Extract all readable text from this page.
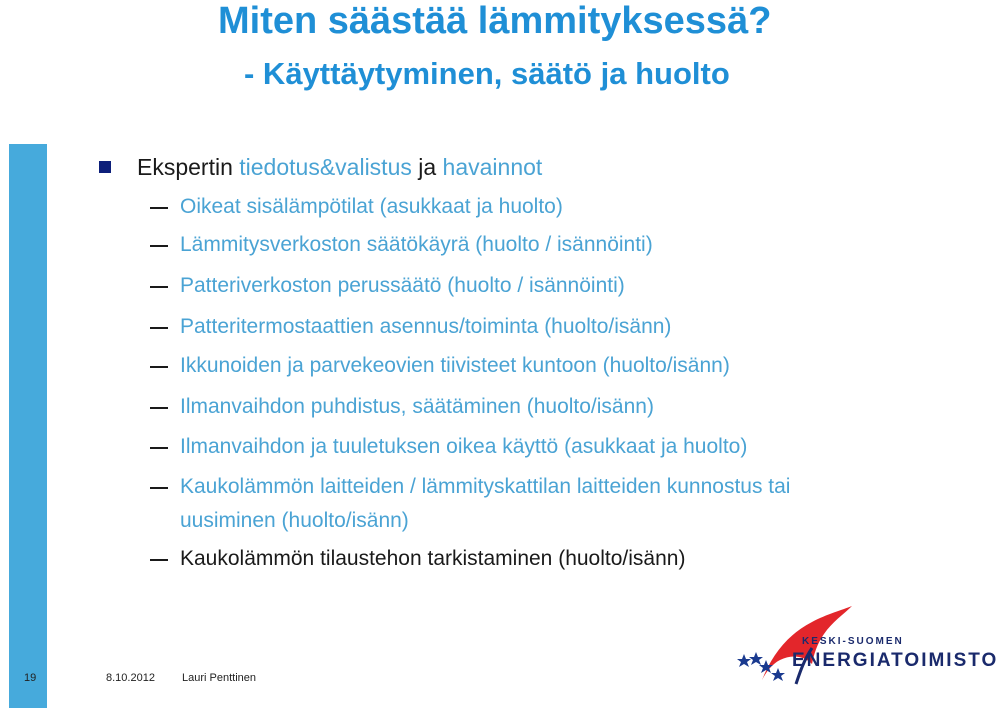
Miten säästää lämmityksessä?
- Käyttäytyminen, säätö ja huolto
Ekspertin tiedotus&valistus ja havainnot
Oikeat sisälämpötilat (asukkaat ja huolto)
Lämmitysverkoston säätökäyrä (huolto / isännöinti)
Patteriverkoston perussäätö (huolto / isännöinti)
Patteritermostaattien asennus/toiminta (huolto/isänn)
Ikkunoiden ja parvekeovien tiivisteet kuntoon (huolto/isänn)
Ilmanvaihdon puhdistus, säätäminen (huolto/isänn)
Ilmanvaihdon ja tuuletuksen oikea käyttö (asukkaat ja huolto)
Kaukolämmön laitteiden / lämmityskattilan laitteiden kunnostus tai
uusiminen (huolto/isänn)
Kaukolämmön tilaustehon tarkistaminen (huolto/isänn)
19	8.10.2012 Lauri Penttinen
KESKI-SUOMEN
ENERGIATOIMISTO
